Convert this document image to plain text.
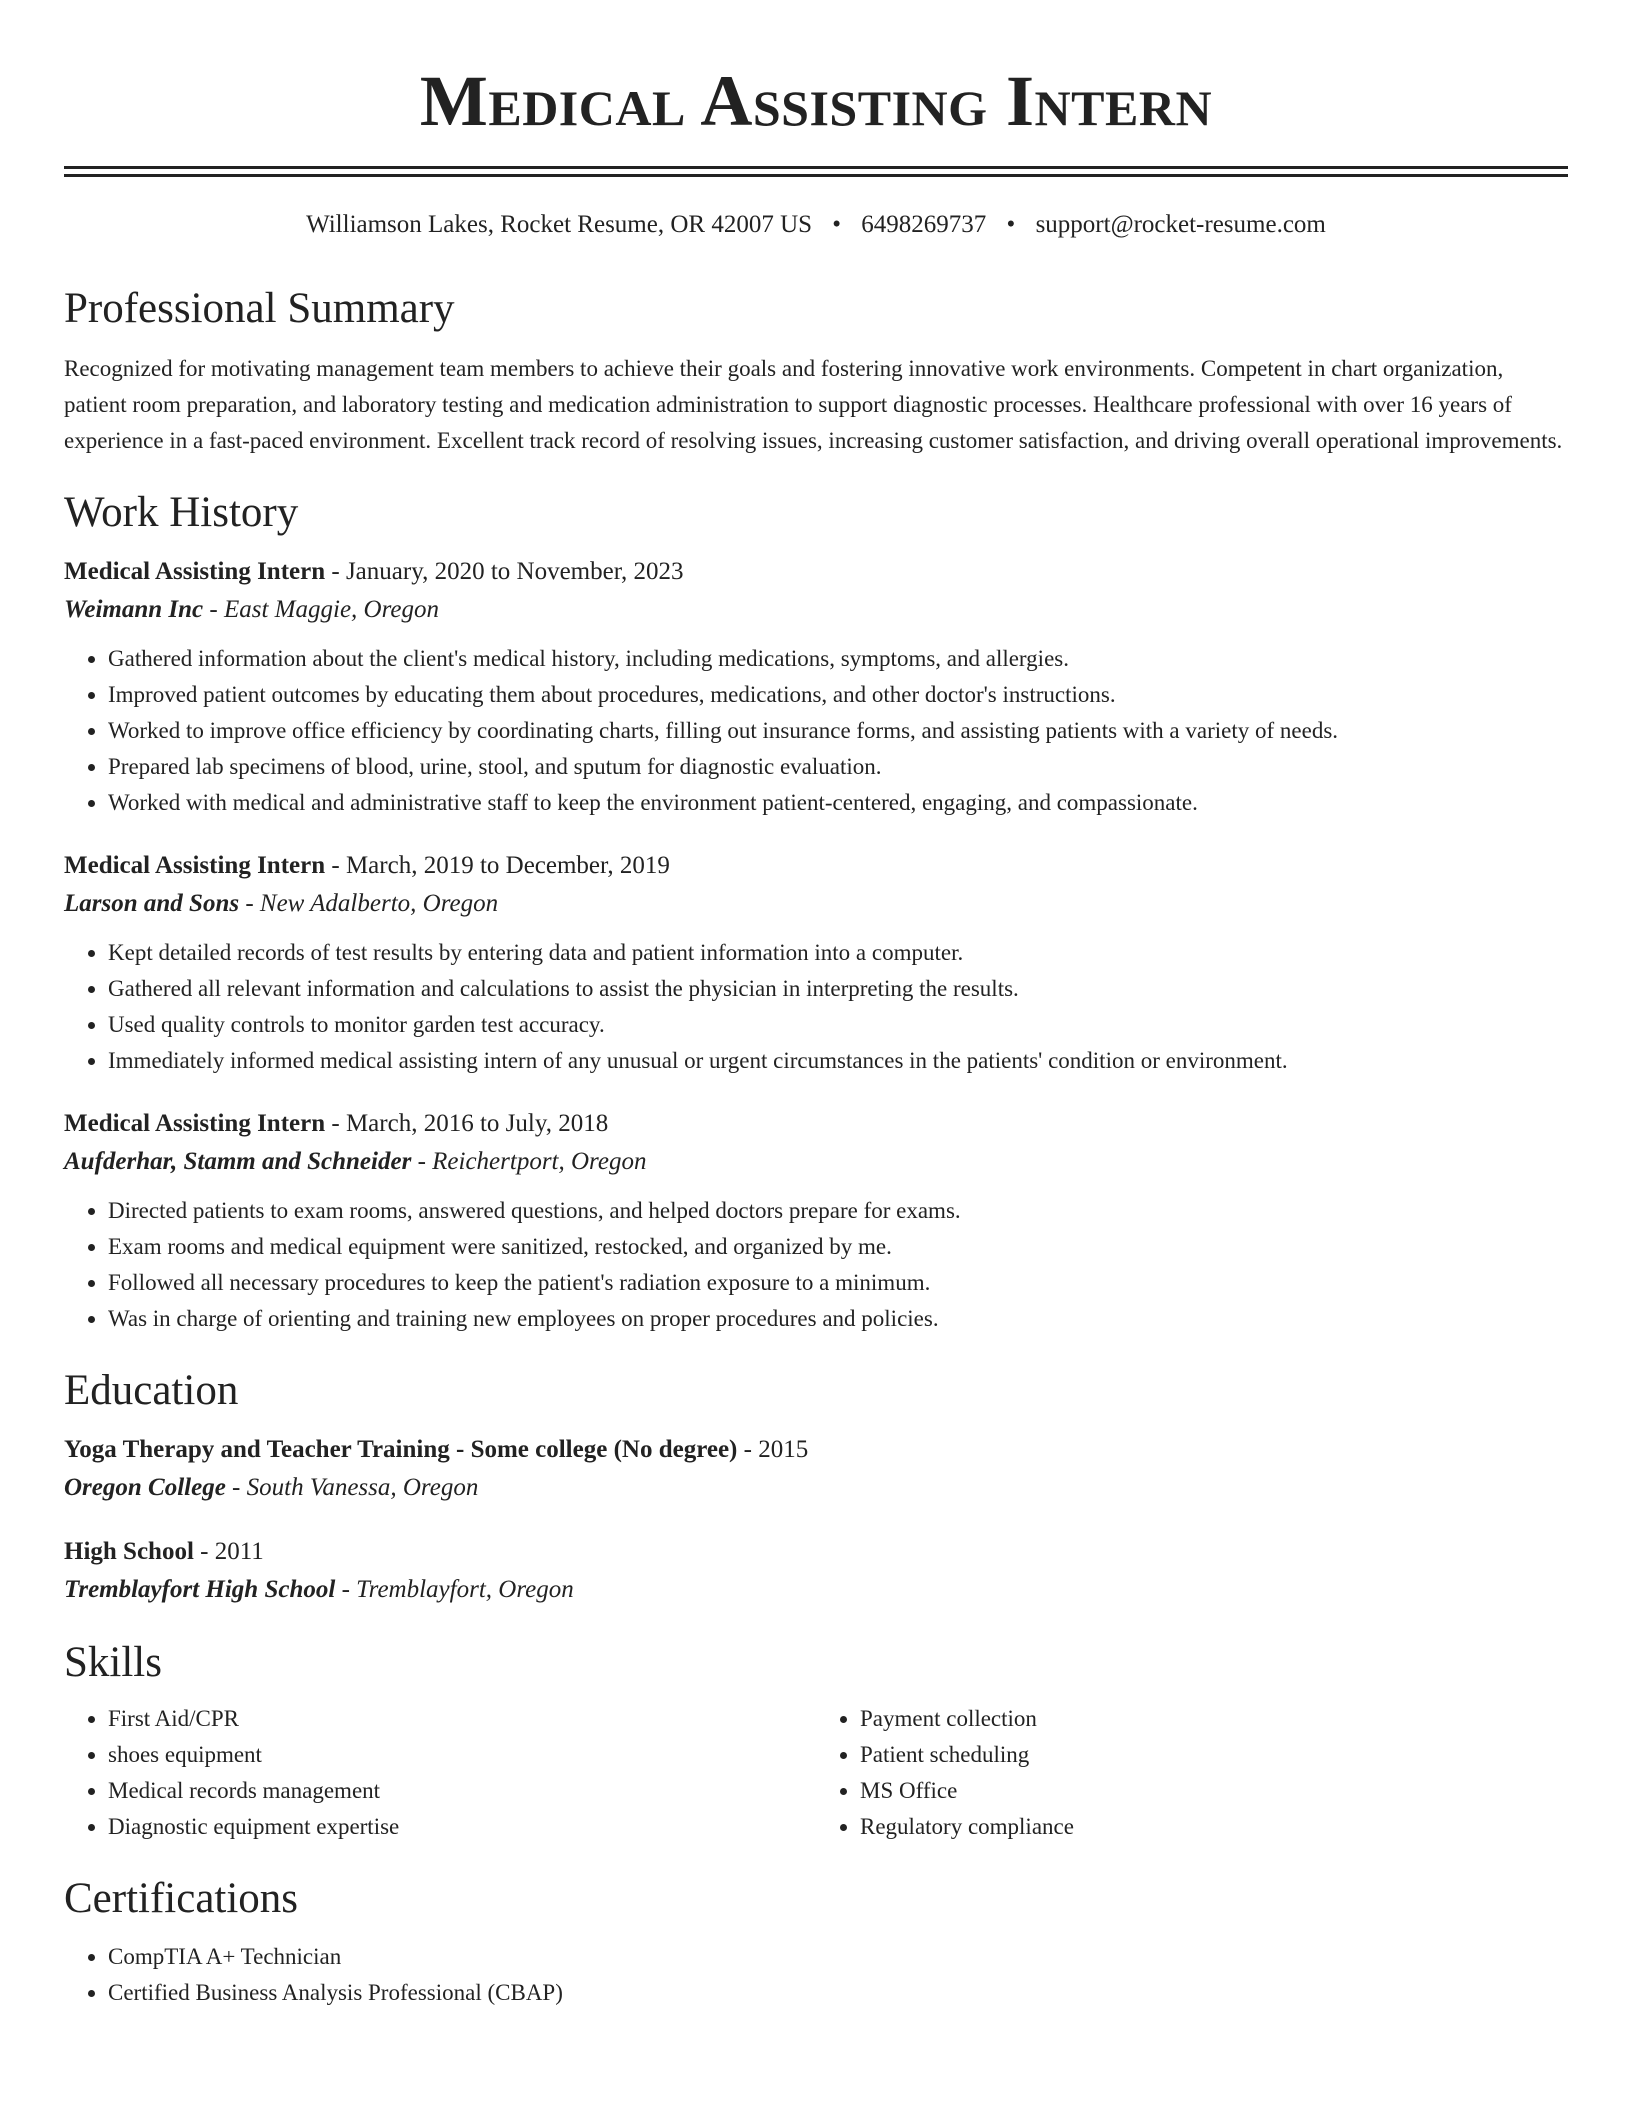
Medical Assisting Intern
Williamson Lakes, Rocket Resume, OR 42007 US • 6498269737 • support@rocket-resume.com
Professional Summary

Recognized for motivating management team members to achieve their goals and fostering innovative work environments. Competent in chart organization, patient room preparation, and laboratory testing and medication administration to support diagnostic processes. Healthcare professional with over 16 years of experience in a fast-paced environment. Excellent track record of resolving issues, increasing customer satisfaction, and driving overall operational improvements.

Work History
Medical Assisting Intern - January, 2020 to November, 2023
Weimann Inc - East Maggie, Oregon
• Gathered information about the client's medical history, including medications, symptoms, and allergies.
• Improved patient outcomes by educating them about procedures, medications, and other doctor's instructions.
• Worked to improve office efficiency by coordinating charts, filling out insurance forms, and assisting patients with a variety of needs.
• Prepared lab specimens of blood, urine, stool, and sputum for diagnostic evaluation.
• Worked with medical and administrative staff to keep the environment patient-centered, engaging, and compassionate.
Medical Assisting Intern - March, 2019 to December, 2019
Larson and Sons - New Adalberto, Oregon
• Kept detailed records of test results by entering data and patient information into a computer.
• Gathered all relevant information and calculations to assist the physician in interpreting the results.
• Used quality controls to monitor garden test accuracy.
• Immediately informed medical assisting intern of any unusual or urgent circumstances in the patients' condition or environment.
Medical Assisting Intern - March, 2016 to July, 2018
Aufderhar, Stamm and Schneider - Reichertport, Oregon
• Directed patients to exam rooms, answered questions, and helped doctors prepare for exams.
• Exam rooms and medical equipment were sanitized, restocked, and organized by me.
• Followed all necessary procedures to keep the patient's radiation exposure to a minimum.
• Was in charge of orienting and training new employees on proper procedures and policies.
Education
Yoga Therapy and Teacher Training - Some college (No degree) - 2015
Oregon College - South Vanessa, Oregon
High School - 2011
Tremblayfort High School - Tremblayfort, Oregon
Skills
• First Aid/CPR
• shoes equipment
• Medical records management
• Diagnostic equipment expertise
• Payment collection
• Patient scheduling
• MS Office
• Regulatory compliance
Certifications
• CompTIA A+ Technician
• Certified Business Analysis Professional (CBAP)
